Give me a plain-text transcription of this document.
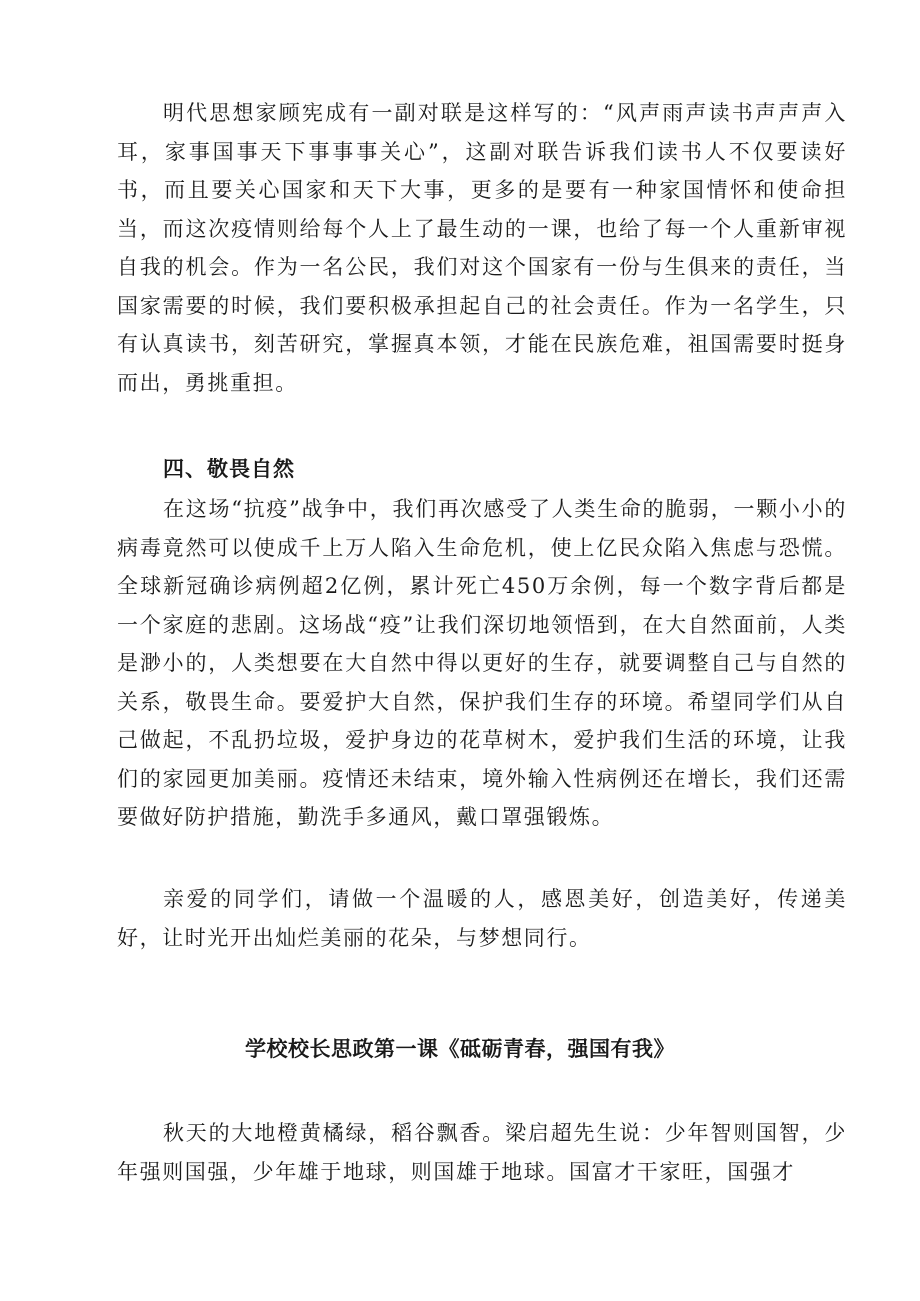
明代思想家顾宪成有一副对联是这样写的：“风声雨声读书声声声入耳，家事国事天下事事事关心”，这副对联告诉我们读书人不仅要读好书，而且要关心国家和天下大事，更多的是要有一种家国情怀和使命担当，而这次疫情则给每个人上了最生动的一课，也给了每一个人重新审视自我的机会。作为一名公民，我们对这个国家有一份与生俱来的责任，当国家需要的时候，我们要积极承担起自己的社会责任。作为一名学生，只有认真读书，刻苦研究，掌握真本领，才能在民族危难，祖国需要时挺身而出，勇挑重担。

四、敬畏自然

在这场“抗疫”战争中，我们再次感受了人类生命的脆弱，一颗小小的病毒竟然可以使成千上万人陷入生命危机，使上亿民众陷入焦虑与恐慌。全球新冠确诊病例超2亿例，累计死亡450万余例，每一个数字背后都是一个家庭的悲剧。这场战“疫”让我们深切地领悟到，在大自然面前，人类是渺小的，人类想要在大自然中得以更好的生存，就要调整自己与自然的关系，敬畏生命。要爱护大自然，保护我们生存的环境。希望同学们从自己做起，不乱扔垃圾，爱护身边的花草树木，爱护我们生活的环境，让我们的家园更加美丽。疫情还未结束，境外输入性病例还在增长，我们还需要做好防护措施，勤洗手多通风，戴口罩强锻炼。

亲爱的同学们，请做一个温暖的人，感恩美好，创造美好，传递美好，让时光开出灿烂美丽的花朵，与梦想同行。

学校校长思政第一课《砥砺青春，强国有我》

秋天的大地橙黄橘绿，稻谷飘香。梁启超先生说：少年智则国智，少年强则国强，少年雄于地球，则国雄于地球。国富才干家旺，国强才
